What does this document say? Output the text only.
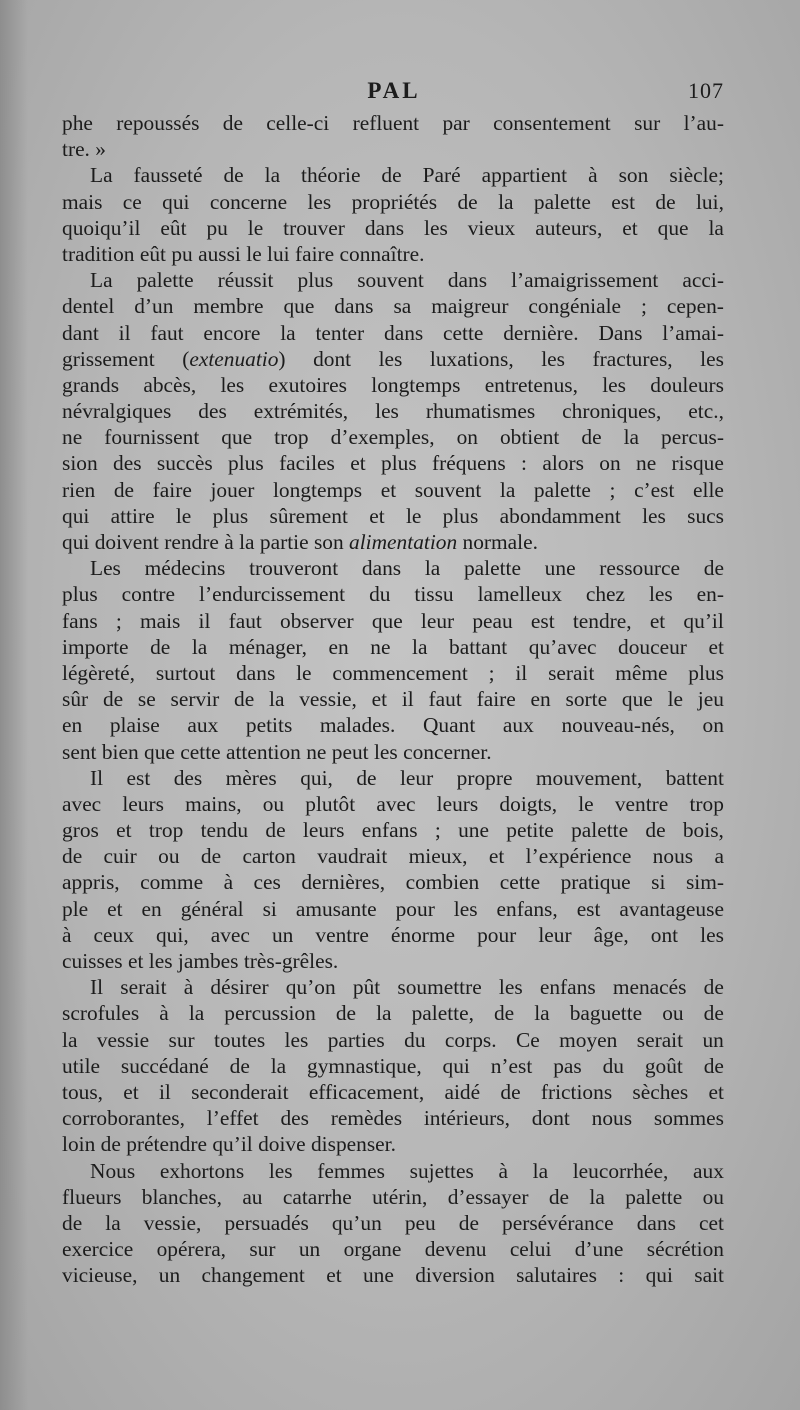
PAL	107
phe repoussés de celle-ci refluent par consentement sur l’au-
tre.
»
La fausseté de la théorie de Paré appartient à son siècle;
mais ce qui concerne les propriétés de la palette est de lui,
quoiqu’il eût pu le trouver dans les vieux auteurs, et que la
tradition
eût
pu
aussi
le
lui
faire
connaître.
La palette réussit plus souvent dans l’amaigrissement acci-
dentel d’un membre que dans sa maigreur congéniale ; cepen-
dant il faut encore la tenter dans cette dernière. Dans l’amai-
grissement (extenuatio) dont les luxations, les fractures, les
grands abcès, les exutoires longtemps entretenus, les douleurs
névralgiques des extrémités, les rhumatismes chroniques, etc.,
ne fournissent que trop d’exemples, on obtient de la percus-
sion des succès plus faciles et plus fréquens : alors on ne risque
rien de faire jouer longtemps et souvent la palette ; c’est elle
qui attire le plus sûrement et le plus abondamment les sucs
qui
doivent
rendre
à
la
partie
son
alimentation
normale.
Les médecins trouveront dans la palette une ressource de
plus contre l’endurcissement du tissu lamelleux chez les en-
fans ; mais il faut observer que leur peau est tendre, et qu’il
importe de la ménager, en ne la battant qu’avec douceur et
légèreté, surtout dans le commencement ; il serait même plus
sûr de se servir de la vessie, et il faut faire en sorte que le jeu
en plaise aux petits malades. Quant aux nouveau-nés, on
sent
bien
que
cette
attention
ne
peut
les
concerner.
Il est des mères qui, de leur propre mouvement, battent
avec leurs mains, ou plutôt avec leurs doigts, le ventre trop
gros et trop tendu de leurs enfans ; une petite palette de bois,
de cuir ou de carton vaudrait mieux, et l’expérience nous a
appris, comme à ces dernières, combien cette pratique si sim-
ple et en général si amusante pour les enfans, est avantageuse
à ceux qui, avec un ventre énorme pour leur âge, ont les
cuisses
et
les
jambes
très-grêles.
Il serait à désirer qu’on pût soumettre les enfans menacés de
scrofules à la percussion de la palette, de la baguette ou de
la vessie sur toutes les parties du corps. Ce moyen serait un
utile succédané de la gymnastique, qui n’est pas du goût de
tous, et il seconderait efficacement, aidé de frictions sèches et
corroborantes, l’effet des remèdes intérieurs, dont nous sommes
loin
de
prétendre
qu’il
doive
dispenser.
Nous exhortons les femmes sujettes à la leucorrhée, aux
flueurs blanches, au catarrhe utérin, d’essayer de la palette ou
de la vessie, persuadés qu’un peu de persévérance dans cet
exercice opérera, sur un organe devenu celui d’une sécrétion
vicieuse, un changement et une diversion salutaires : qui sait
